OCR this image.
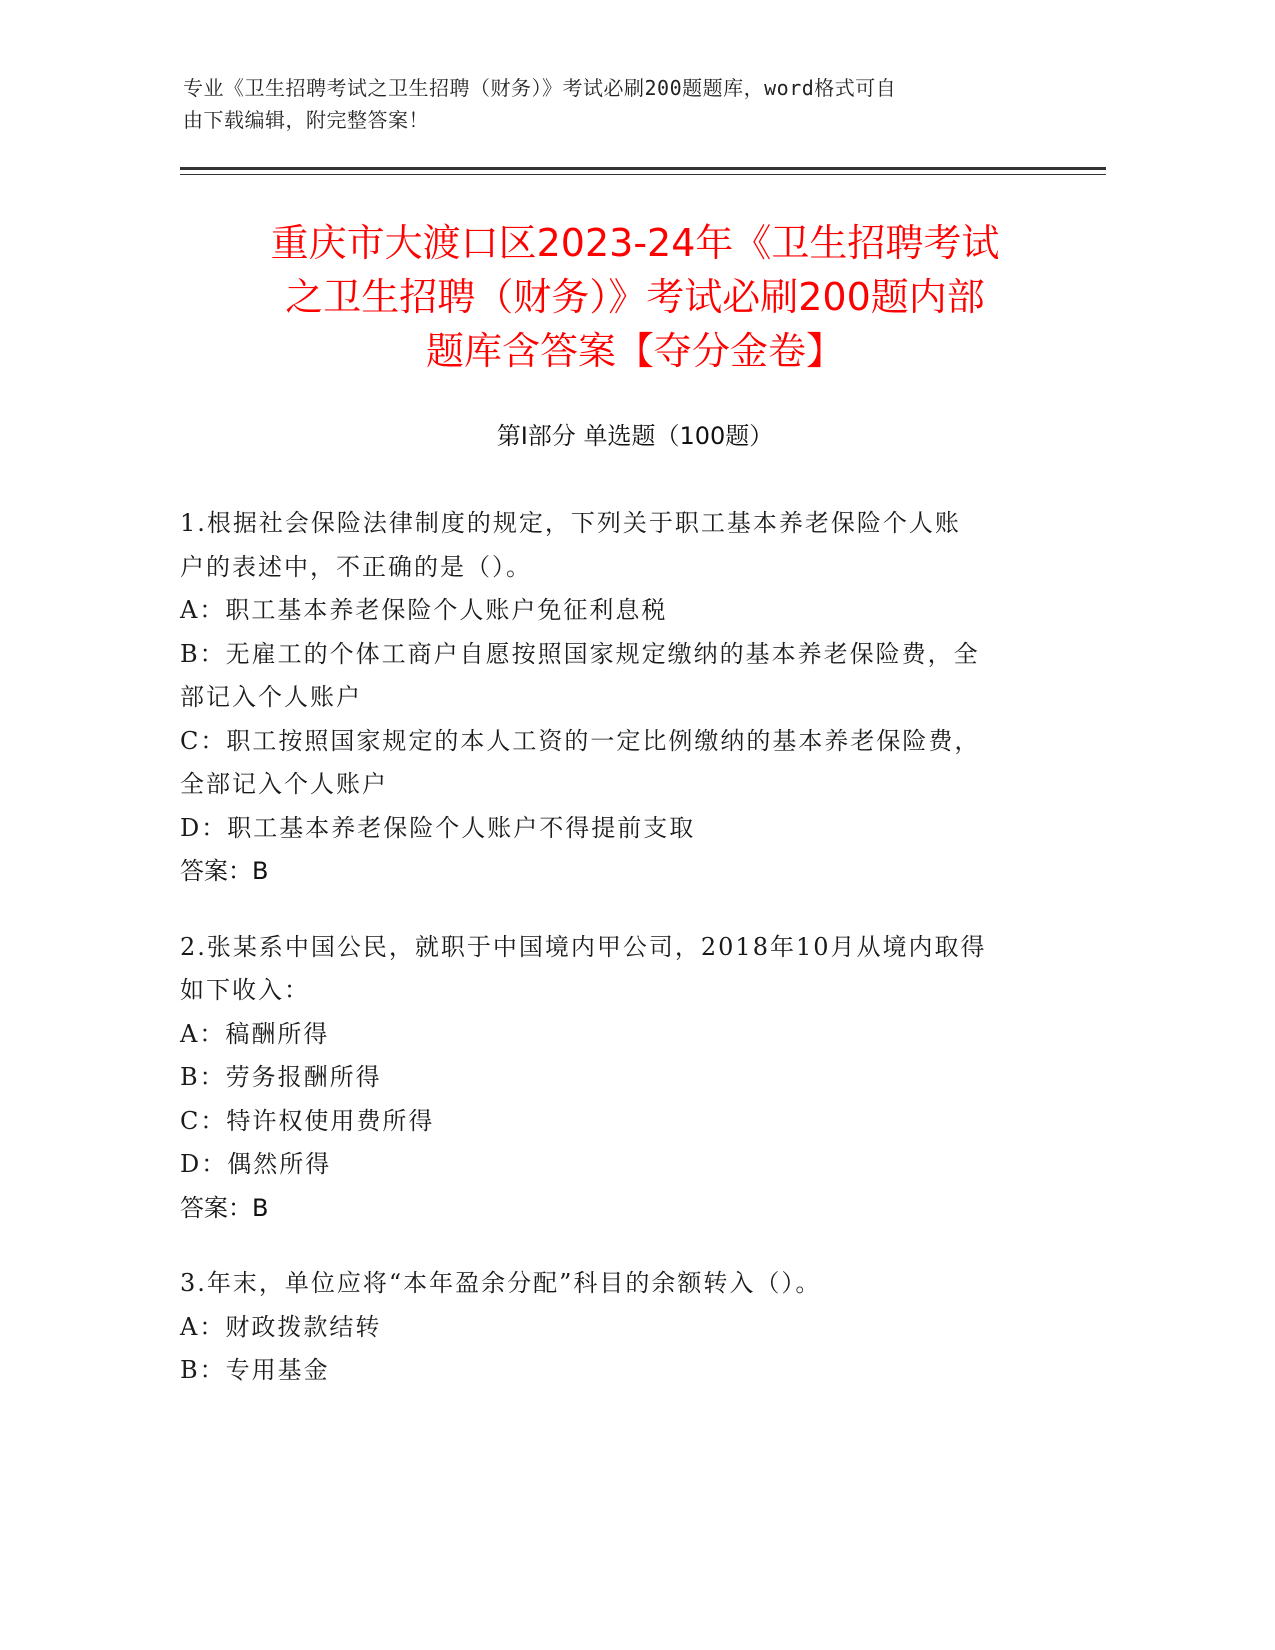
专业《卫生招聘考试之卫生招聘（财务）》考试必刷200题题库，word格式可自
由下载编辑，附完整答案！
重庆市大渡口区2023-24年《卫生招聘考试
之卫生招聘（财务）》考试必刷200题内部
题库含答案【夺分金卷】
第Ⅰ部分 单选题（100题）

1.根据社会保险法律制度的规定，下列关于职工基本养老保险个人账

户的表述中，不正确的是（）。

A：职工基本养老保险个人账户免征利息税

B：无雇工的个体工商户自愿按照国家规定缴纳的基本养老保险费，全

部记入个人账户

C：职工按照国家规定的本人工资的一定比例缴纳的基本养老保险费，

全部记入个人账户

D：职工基本养老保险个人账户不得提前支取

答案：B

2.张某系中国公民，就职于中国境内甲公司，2018年10月从境内取得

如下收入：

A：稿酬所得

B：劳务报酬所得

C：特许权使用费所得

D：偶然所得

答案：B

3.年末，单位应将“本年盈余分配”科目的余额转入（）。

A：财政拨款结转

B：专用基金
